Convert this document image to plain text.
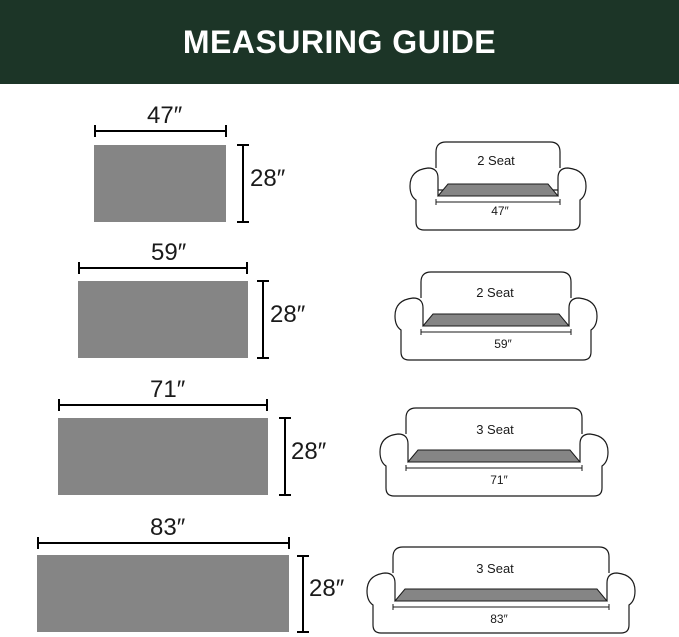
MEASURING GUIDE
47″
28″
2 Seat
47″
59″
28″
2 Seat
59″
71″
28″
3 Seat
71″
83″
28″
3 Seat
83″
